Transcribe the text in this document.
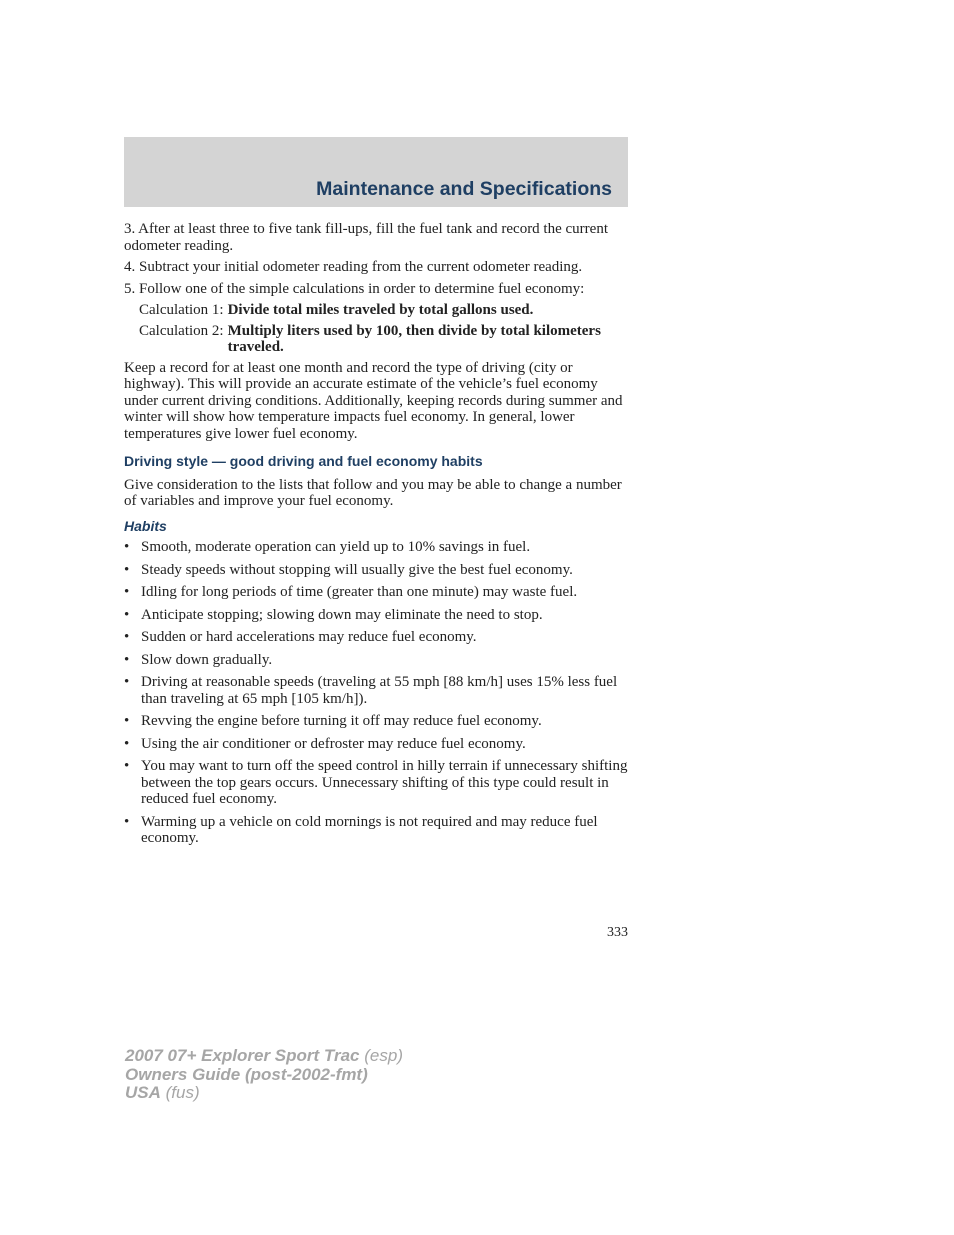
Maintenance and Specifications
3. After at least three to five tank fill-ups, fill the fuel tank and record the current odometer reading.
4. Subtract your initial odometer reading from the current odometer reading.
5. Follow one of the simple calculations in order to determine fuel economy:
Calculation 1: Divide total miles traveled by total gallons used.
Calculation 2: Multiply liters used by 100, then divide by total kilometers traveled.
Keep a record for at least one month and record the type of driving (city or highway). This will provide an accurate estimate of the vehicle’s fuel economy under current driving conditions. Additionally, keeping records during summer and winter will show how temperature impacts fuel economy. In general, lower temperatures give lower fuel economy.
Driving style — good driving and fuel economy habits
Give consideration to the lists that follow and you may be able to change a number of variables and improve your fuel economy.
Habits
• Smooth, moderate operation can yield up to 10% savings in fuel.
• Steady speeds without stopping will usually give the best fuel economy.
• Idling for long periods of time (greater than one minute) may waste fuel.
• Anticipate stopping; slowing down may eliminate the need to stop.
• Sudden or hard accelerations may reduce fuel economy.
• Slow down gradually.
• Driving at reasonable speeds (traveling at 55 mph [88 km/h] uses 15% less fuel than traveling at 65 mph [105 km/h]).
• Revving the engine before turning it off may reduce fuel economy.
• Using the air conditioner or defroster may reduce fuel economy.
• You may want to turn off the speed control in hilly terrain if unnecessary shifting between the top gears occurs. Unnecessary shifting of this type could result in reduced fuel economy.
• Warming up a vehicle on cold mornings is not required and may reduce fuel economy.
333
2007 07+ Explorer Sport Trac (esp)
Owners Guide (post-2002-fmt)
USA (fus)
